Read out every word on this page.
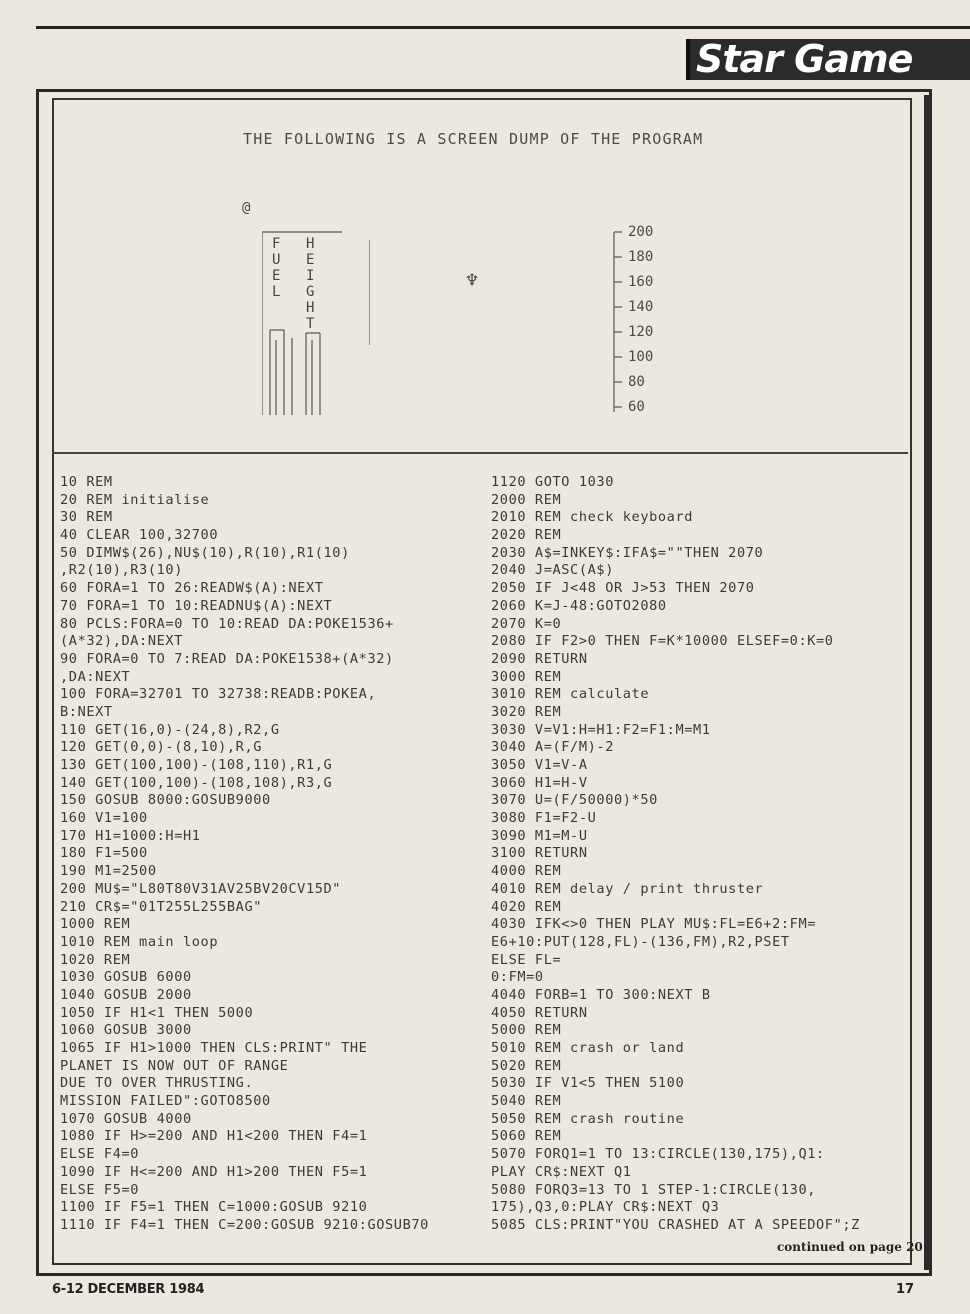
Star Game
THE FOLLOWING IS A SCREEN DUMP OF THE PROGRAM
@
F
U
E
L
H
E
I
G
H
T
♆
200
180
160
140
120
100
80
60
10 REM
20 REM initialise
30 REM
40 CLEAR 100,32700
50 DIMW$(26),NU$(10),R(10),R1(10)
,R2(10),R3(10)
60 FORA=1 TO 26:READW$(A):NEXT
70 FORA=1 TO 10:READNU$(A):NEXT
80 PCLS:FORA=0 TO 10:READ DA:POKE1536+
(A*32),DA:NEXT
90 FORA=0 TO 7:READ DA:POKE1538+(A*32)
,DA:NEXT
100 FORA=32701 TO 32738:READB:POKEA,
B:NEXT
110 GET(16,0)-(24,8),R2,G
120 GET(0,0)-(8,10),R,G
130 GET(100,100)-(108,110),R1,G
140 GET(100,100)-(108,108),R3,G
150 GOSUB 8000:GOSUB9000
160 V1=100
170 H1=1000:H=H1
180 F1=500
190 M1=2500
200 MU$="L80T80V31AV25BV20CV15D"
210 CR$="01T255L255BAG"
1000 REM
1010 REM main loop
1020 REM
1030 GOSUB 6000
1040 GOSUB 2000
1050 IF H1<1 THEN 5000
1060 GOSUB 3000
1065 IF H1>1000 THEN CLS:PRINT" THE
PLANET IS NOW OUT OF RANGE
DUE TO OVER THRUSTING.
MISSION FAILED":GOTO8500
1070 GOSUB 4000
1080 IF H>=200 AND H1<200 THEN F4=1
ELSE F4=0
1090 IF H<=200 AND H1>200 THEN F5=1
ELSE F5=0
1100 IF F5=1 THEN C=1000:GOSUB 9210
1110 IF F4=1 THEN C=200:GOSUB 9210:GOSUB70
1120 GOTO 1030
2000 REM
2010 REM check keyboard
2020 REM
2030 A$=INKEY$:IFA$=""THEN 2070
2040 J=ASC(A$)
2050 IF J<48 OR J>53 THEN 2070
2060 K=J-48:GOTO2080
2070 K=0
2080 IF F2>0 THEN F=K*10000 ELSEF=0:K=0
2090 RETURN
3000 REM
3010 REM calculate
3020 REM
3030 V=V1:H=H1:F2=F1:M=M1
3040 A=(F/M)-2
3050 V1=V-A
3060 H1=H-V
3070 U=(F/50000)*50
3080 F1=F2-U
3090 M1=M-U
3100 RETURN
4000 REM
4010 REM delay / print thruster
4020 REM
4030 IFK<>0 THEN PLAY MU$:FL=E6+2:FM=
E6+10:PUT(128,FL)-(136,FM),R2,PSET
ELSE FL=
0:FM=0
4040 FORB=1 TO 300:NEXT B
4050 RETURN
5000 REM
5010 REM crash or land
5020 REM
5030 IF V1<5 THEN 5100
5040 REM
5050 REM crash routine
5060 REM
5070 FORQ1=1 TO 13:CIRCLE(130,175),Q1:
PLAY CR$:NEXT Q1
5080 FORQ3=13 TO 1 STEP-1:CIRCLE(130,
175),Q3,0:PLAY CR$:NEXT Q3
5085 CLS:PRINT"YOU CRASHED AT A SPEEDOF";Z
continued on page 20
6-12 DECEMBER 1984	17
